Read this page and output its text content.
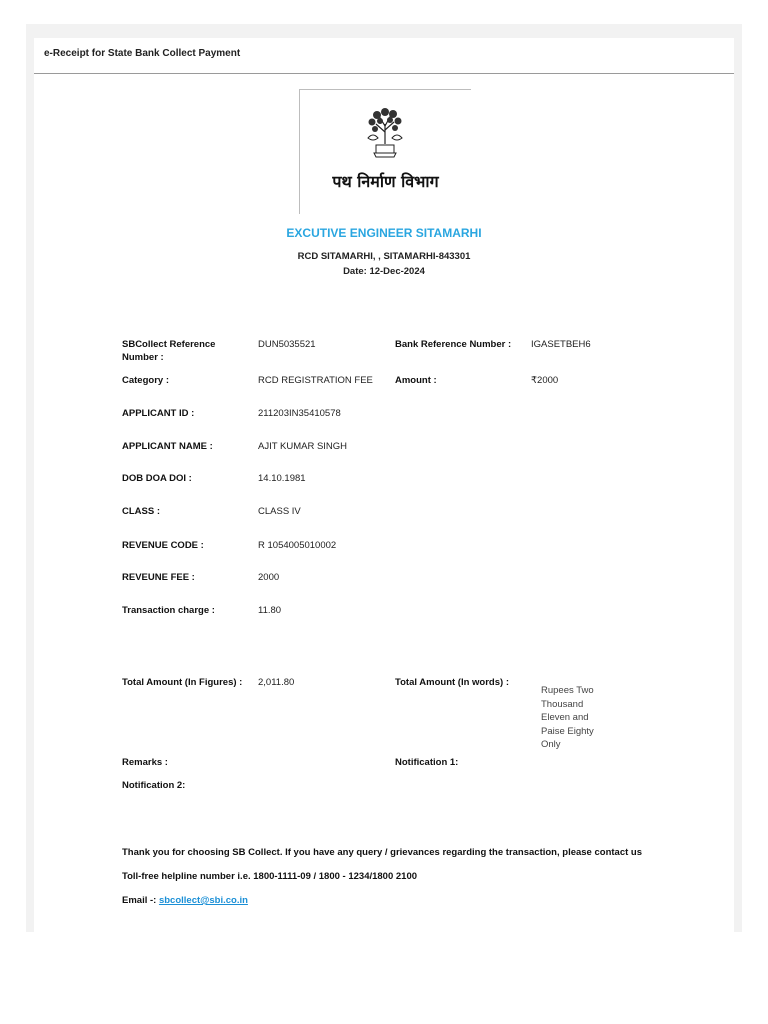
e-Receipt for State Bank Collect Payment
पथ निर्माण विभाग
EXCUTIVE ENGINEER SITAMARHI
RCD SITAMARHI, , SITAMARHI-843301
Date: 12-Dec-2024
SBCollect Reference Number :
DUN5035521	Bank Reference Number :	IGASETBEH6
Category :	RCD REGISTRATION FEE Amount :	₹2000
APPLICANT ID :	211203IN35410578
APPLICANT NAME :	AJIT KUMAR SINGH
DOB DOA DOI :	14.10.1981
CLASS :	CLASS IV
REVENUE CODE :	R 1054005010002
REVEUNE FEE :	2000
Transaction charge :	11.80
Total Amount (In Figures) :	2,011.80	Total Amount (In words) :
Rupees Two Thousand Eleven and Paise Eighty Only
Remarks :	Notification 1:
Notification 2:
Thank you for choosing SB Collect. If you have any query / grievances regarding the transaction, please contact us
Toll-free helpline number i.e. 1800-1111-09 / 1800 - 1234/1800 2100
Email -: sbcollect@sbi.co.in
